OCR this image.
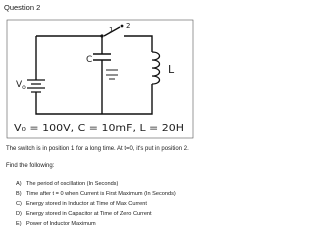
Question 2
1 2
$V_o$
C
L
V₀ = 100V, C = 10mF, L = 20H
The switch is in position 1 for a long time. At t=0, it's put in position 2.
Find the following:
A) The period of oscillation (In Seconds)
B) Time after t = 0 when Current is First Maximum (In Seconds)
C) Energy stored in Inductor at Time of Max Current
D) Energy stored in Capacitor at Time of Zero Current
E) Power of Inductor Maximum
